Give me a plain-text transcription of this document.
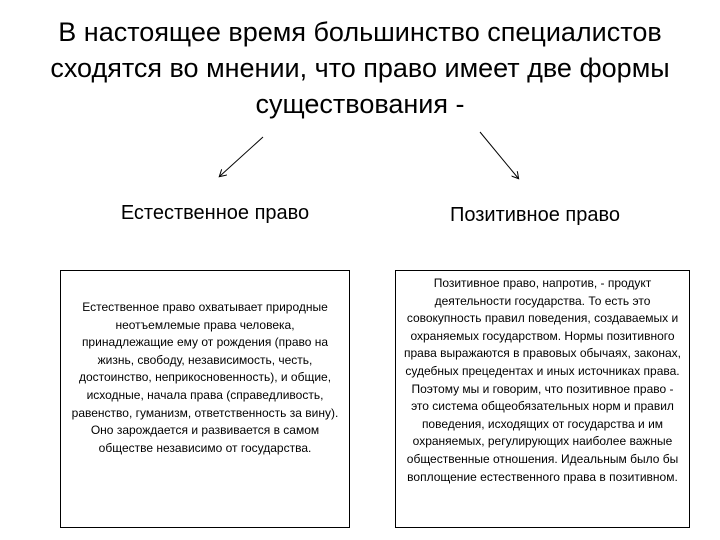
В настоящее время большинство специалистов сходятся во мнении, что право имеет две формы существования -
Естественное право	Позитивное право
Естественное право охватывает природные неотъемлемые права человека, принадлежащие ему от рождения (право на жизнь, свободу, независимость, честь, достоинство, неприкосновенность), и общие, исходные, начала права (справедливость, равенство, гуманизм, ответственность за вину). Оно зарождается и развивается в самом обществе независимо от государства.
Позитивное право, напротив, - продукт деятельности государства. То есть это совокупность правил поведения, создаваемых и охраняемых государством. Нормы позитивного права выражаются в правовых обычаях, законах, судебных прецедентах и иных источниках права. Поэтому мы и говорим, что позитивное право - это система общеобязательных норм и правил поведения, исходящих от государства и им охраняемых, регулирующих наиболее важные общественные отношения. Идеальным было бы воплощение естественного права в позитивном.
